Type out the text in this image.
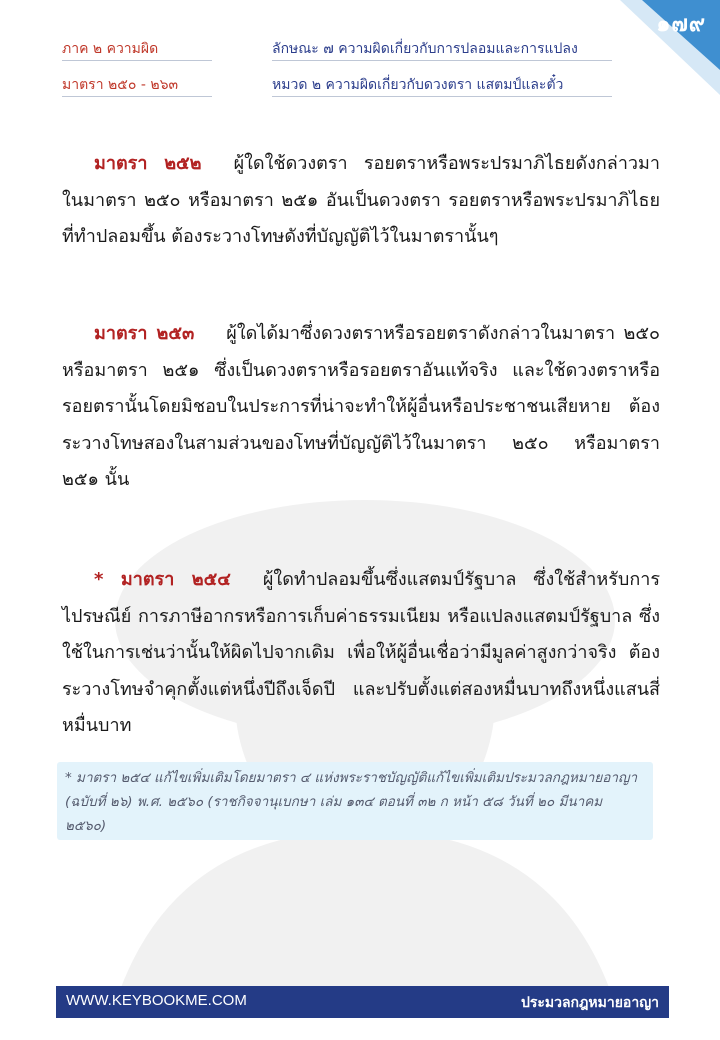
๑๗๙
ภาค ๒ ความผิด
มาตรา ๒๕๐ - ๒๖๓
ลักษณะ ๗ ความผิดเกี่ยวกับการปลอมและการแปลง
หมวด ๒ ความผิดเกี่ยวกับดวงตรา แสตมป์และตั๋ว
มาตรา ๒๕๒ ผู้ใดใช้ดวงตรา รอยตราหรือพระปรมาภิไธยดังกล่าวมาในมาตรา ๒๕๐ หรือมาตรา ๒๕๑ อันเป็นดวงตรา รอยตราหรือพระปรมาภิไธยที่ทำปลอมขึ้น ต้องระวางโทษดังที่บัญญัติไว้ในมาตรานั้นๆ
มาตรา ๒๕๓ ผู้ใดได้มาซึ่งดวงตราหรือรอยตราดังกล่าวในมาตรา ๒๕๐ หรือมาตรา ๒๕๑ ซึ่งเป็นดวงตราหรือรอยตราอันแท้จริง และใช้ดวงตราหรือรอยตรานั้นโดยมิชอบในประการที่น่าจะทำให้ผู้อื่นหรือประชาชนเสียหาย ต้องระวางโทษสองในสามส่วนของโทษที่บัญญัติไว้ในมาตรา ๒๕๐ หรือมาตรา ๒๕๑ นั้น
* มาตรา ๒๕๔ ผู้ใดทำปลอมขึ้นซึ่งแสตมป์รัฐบาล ซึ่งใช้สำหรับการไปรษณีย์ การภาษีอากรหรือการเก็บค่าธรรมเนียม หรือแปลงแสตมป์รัฐบาล ซึ่งใช้ในการเช่นว่านั้นให้ผิดไปจากเดิม เพื่อให้ผู้อื่นเชื่อว่ามีมูลค่าสูงกว่าจริง ต้องระวางโทษจำคุกตั้งแต่หนึ่งปีถึงเจ็ดปี และปรับตั้งแต่สองหมื่นบาทถึงหนึ่งแสนสี่หมื่นบาท
* มาตรา ๒๕๔ แก้ไขเพิ่มเติมโดยมาตรา ๔ แห่งพระราชบัญญัติแก้ไขเพิ่มเติมประมวลกฎหมายอาญา (ฉบับที่ ๒๖) พ.ศ. ๒๕๖๐ (ราชกิจจานุเบกษา เล่ม ๑๓๔ ตอนที่ ๓๒ ก หน้า ๕๘ วันที่ ๒๐ มีนาคม ๒๕๖๐)
WWW.KEYBOOKME.COM	ประมวลกฎหมายอาญา
